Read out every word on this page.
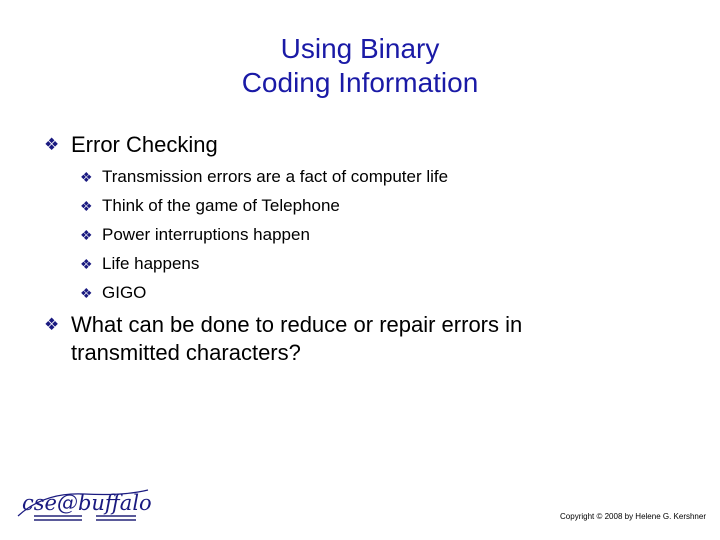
Using Binary
Coding Information
❖ Error Checking
❖ Transmission errors are a fact of computer life
❖ Think of the game of Telephone
❖ Power interruptions happen
❖ Life happens
❖ GIGO
❖ What can be done to reduce or repair errors in
transmitted characters?
cse@buffalo
Copyright © 2008 by Helene G. Kershner
